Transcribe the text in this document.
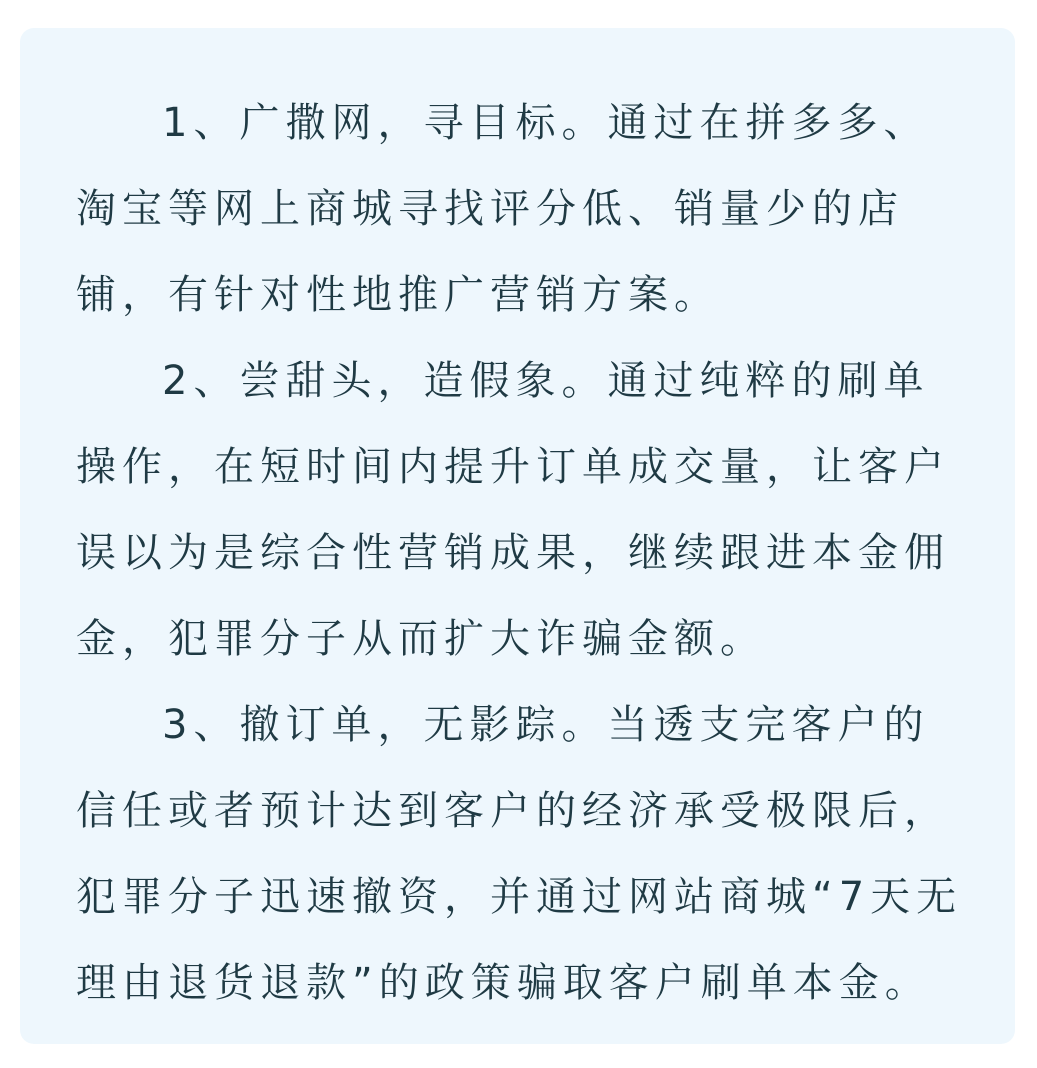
1、广撒网，寻目标。通过在拼多多、淘宝等网上商城寻找评分低、销量少的店铺，有针对性地推广营销方案。

2、尝甜头，造假象。通过纯粹的刷单操作，在短时间内提升订单成交量，让客户误以为是综合性营销成果，继续跟进本金佣金，犯罪分子从而扩大诈骗金额。

3、撤订单，无影踪。当透支完客户的信任或者预计达到客户的经济承受极限后，犯罪分子迅速撤资，并通过网站商城“7天无理由退货退款”的政策骗取客户刷单本金。
